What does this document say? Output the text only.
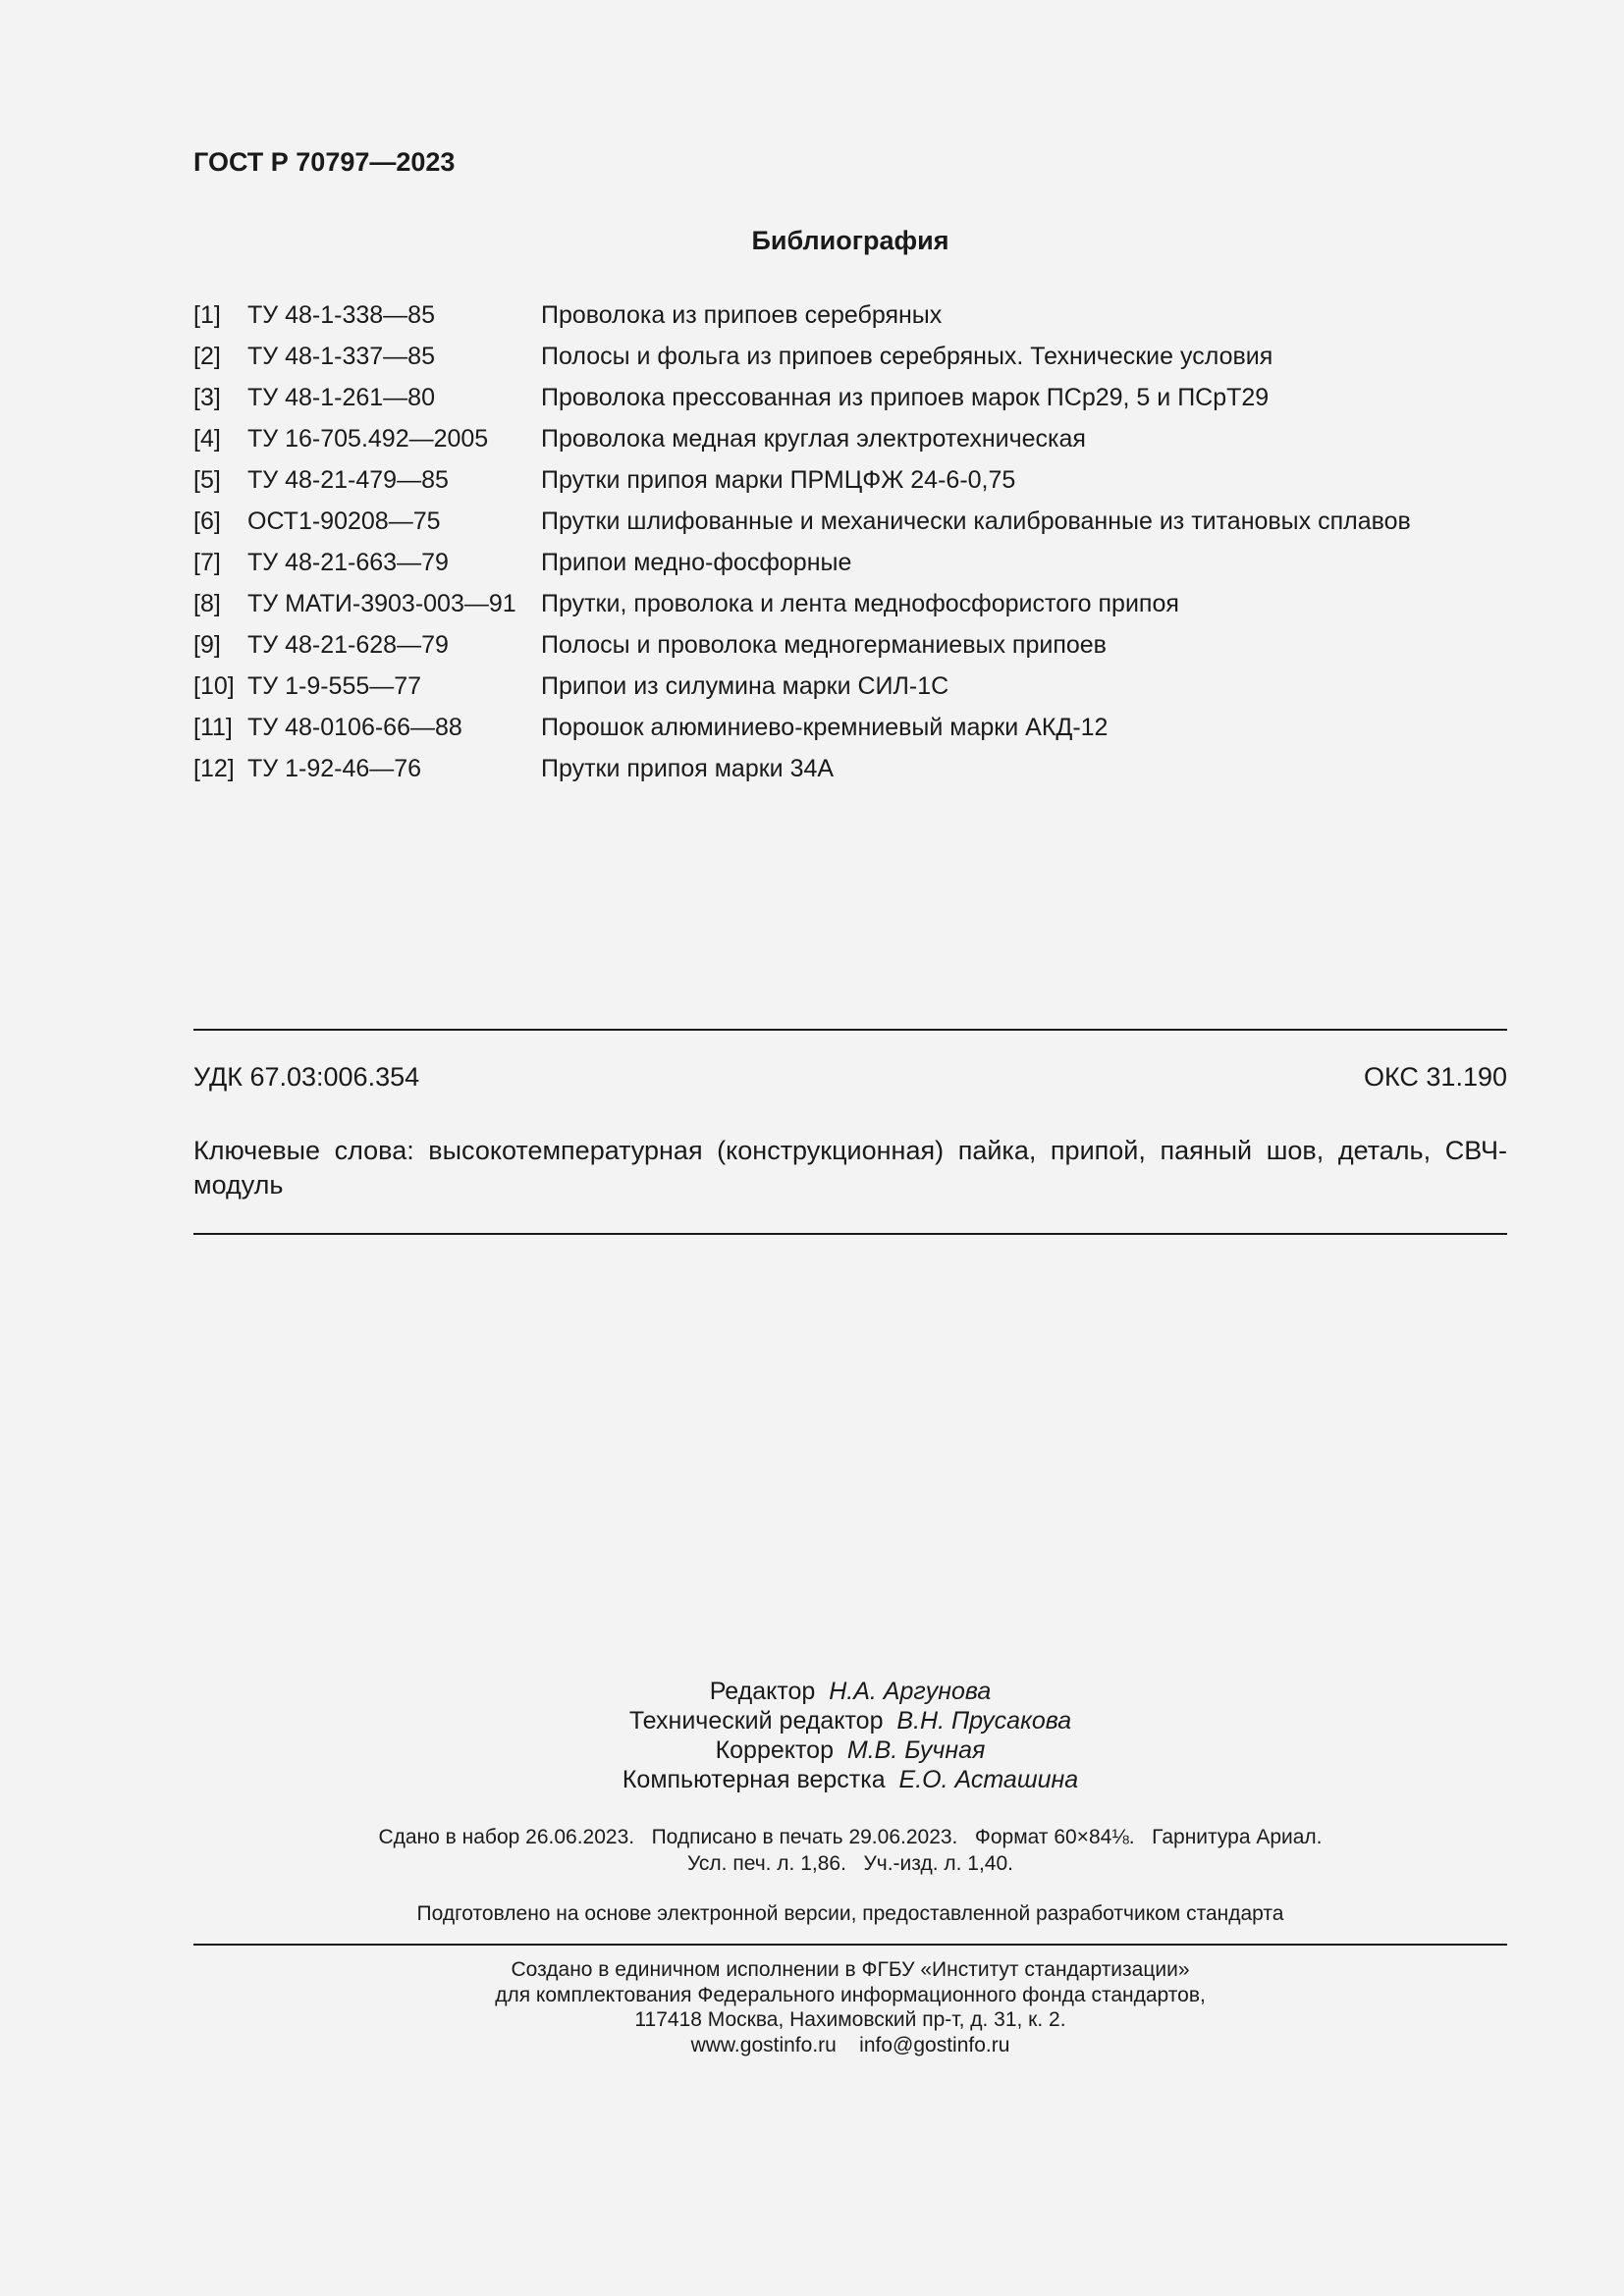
ГОСТ Р 70797—2023
Библиография
[1] ТУ 48-1-338—85	Проволока из припоев серебряных
[2] ТУ 48-1-337—85	Полосы и фольга из припоев серебряных. Технические условия
[3] ТУ 48-1-261—80	Проволока прессованная из припоев марок ПСр29, 5 и ПСрТ29
[4] ТУ 16-705.492—2005 Проволока медная круглая электротехническая
[5] ТУ 48-21-479—85	Прутки припоя марки ПРМЦФЖ 24-6-0,75
[6] ОСТ1-90208—75	Прутки шлифованные и механически калиброванные из титановых сплавов
[7] ТУ 48-21-663—79	Припои медно-фосфорные
[8] ТУ МАТИ-3903-003—91 Прутки, проволока и лента меднофосфористого припоя
[9] ТУ 48-21-628—79	Полосы и проволока медногерманиевых припоев
[10] ТУ 1-9-555—77	Припои из силумина марки СИЛ-1С
[11] ТУ 48-0106-66—88	Порошок алюминиево-кремниевый марки АКД-12
[12] ТУ 1-92-46—76	Прутки припоя марки 34А
УДК 67.03:006.354	ОКС 31.190
Ключевые слова: высокотемпературная (конструкционная) пайка, припой, паяный шов, деталь, СВЧ-модуль
Редактор Н.А. Аргунова
Технический редактор В.Н. Прусакова
Корректор М.В. Бучная
Компьютерная верстка Е.О. Асташина
Сдано в набор 26.06.2023.   Подписано в печать 29.06.2023.   Формат 60×84⅛.   Гарнитура Ариал.
Усл. печ. л. 1,86.   Уч.-изд. л. 1,40.
Подготовлено на основе электронной версии, предоставленной разработчиком стандарта
Создано в единичном исполнении в ФГБУ «Институт стандартизации»
для комплектования Федерального информационного фонда стандартов,
117418 Москва, Нахимовский пр-т, д. 31, к. 2.
www.gostinfo.ru    info@gostinfo.ru
